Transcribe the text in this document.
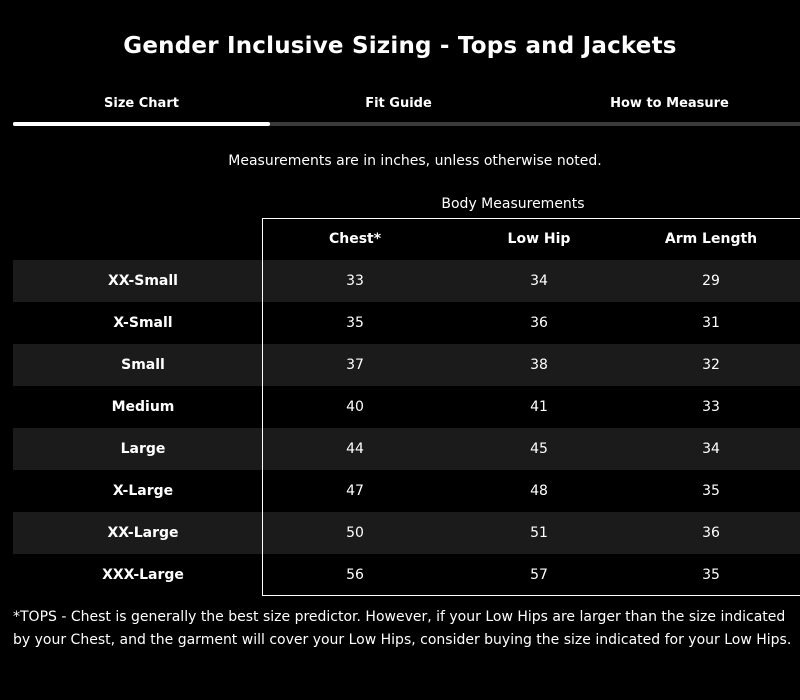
Gender Inclusive Sizing - Tops and Jackets
Size Chart	Fit Guide	How to Measure
Measurements are in inches, unless otherwise noted.
Body Measurements
Chest*	Low Hip	Arm Length
XX-Small	33	34	29
X-Small	35	36	31
Small	37	38	32
Medium	40	41	33
Large	44	45	34
X-Large	47	48	35
XX-Large	50	51	36
XXX-Large	56	57	35
*TOPS - Chest is generally the best size predictor. However, if your Low Hips are larger than the size indicated by your Chest, and the garment will cover your Low Hips, consider buying the size indicated for your Low Hips.
